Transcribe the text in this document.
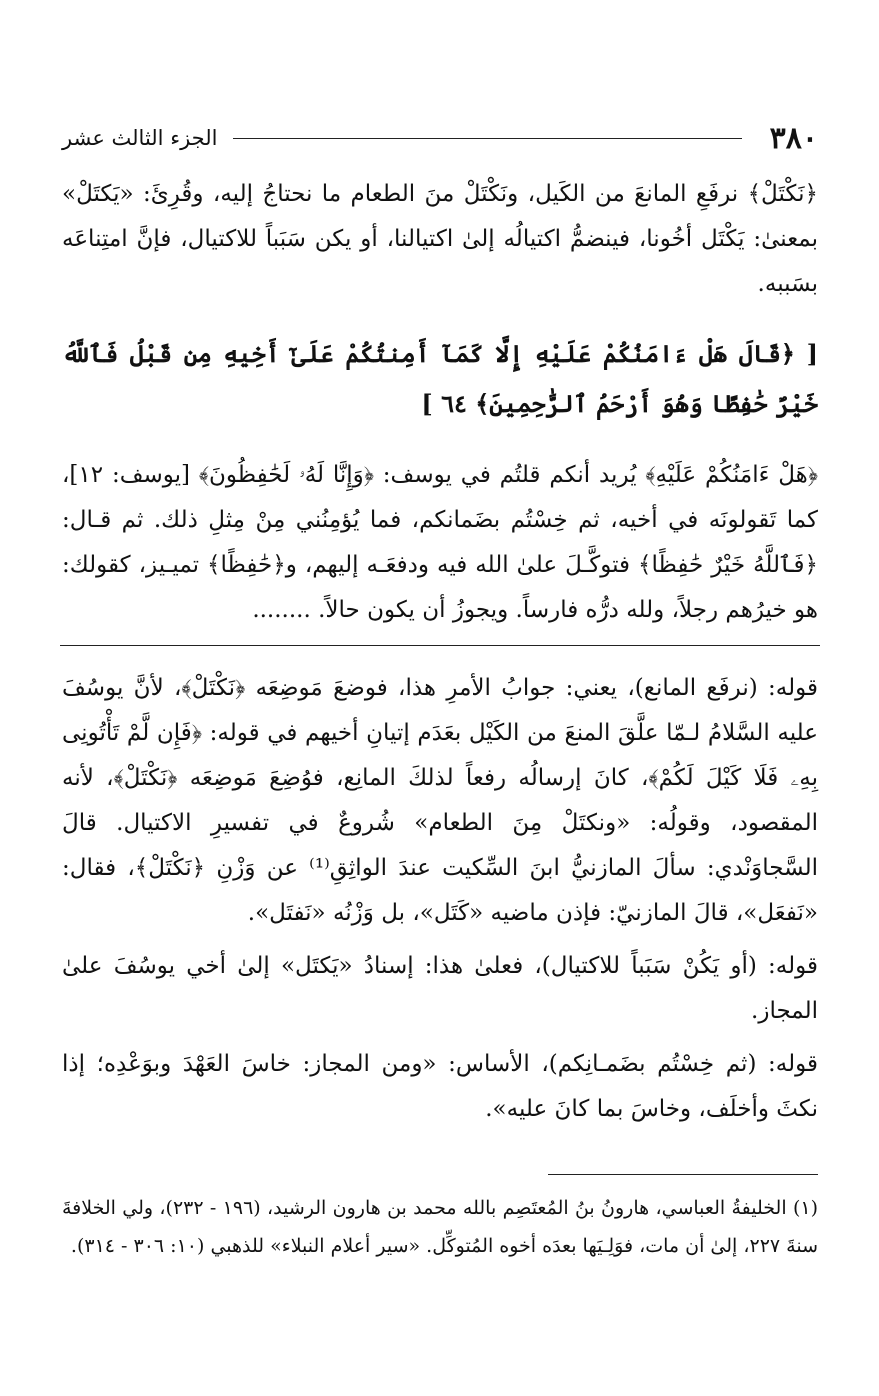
٣٨٠
الجزء الثالث عشر

﴿نَكْتَلْ﴾ نرفَعِ المانعَ من الكَيل، ونَكْتَلْ منَ الطعام ما نحتاجُ إليه، وقُرِئَ: «يَكتَلْ» بمعنىٰ: يَكْتَل أخُونا، فينضمُّ اكتيالُه إلىٰ اكتيالنا، أو يكن سَبَباً للاكتيال، فإنَّ امتِناعَه بسَببه.

[ ﴿قَالَ هَلْ ءَامَنُكُمْ عَلَيْهِ إِلَّا كَمَآ أَمِنتُكُمْ عَلَىٰٓ أَخِيهِ مِن قَبْلُ فَٱللَّهُ خَيْرٌ حَٰفِظًا وَهُوَ أَرْحَمُ ٱلرَّٰحِمِينَ﴾ ٦٤ ]

﴿هَلْ ءَامَنُكُمْ عَلَيْهِ﴾ يُريد أنكم قلتُم في يوسف: ﴿وَإِنَّا لَهُۥ لَحَٰفِظُونَ﴾ [يوسف: ١٢]، كما تَقولونَه في أخيه، ثم خِسْتُم بضَمانكم، فما يُؤمِنُني مِنْ مِثلِ ذلك. ثم قـال: ﴿فَٱللَّهُ خَيْرٌ حَٰفِظًا﴾ فتوكَّـلَ علىٰ الله فيه ودفعَـه إليهم، و﴿حَٰفِظًا﴾ تميـيز، كقولك: هو خيرُهم رجلاً، ولله درُّه فارساً. ويجوزُ أن يكون حالاً. ........

قوله: (نرفَع المانع)، يعني: جوابُ الأمرِ هذا، فوضعَ مَوضِعَه ﴿نَكْتَلْ﴾، لأنَّ يوسُفَ عليه السَّلامُ لـمّا علَّقَ المنعَ من الكَيْل بعَدَم إتيانِ أخيهم في قوله: ﴿فَإِن لَّمْ تَأْتُونِى بِهِۦ فَلَا كَيْلَ لَكُمْ﴾، كانَ إرسالُه رفعاً لذلكَ المانِع، فوُضِعَ مَوضِعَه ﴿نَكْتَلْ﴾، لأنه المقصود، وقولُه: «ونكتَلْ مِنَ الطعام» شُروعٌ في تفسيرِ الاكتيال. قالَ السَّجاوَنْدي: سألَ المازنيُّ ابنَ السِّكيت عندَ الواثِقِ⁽¹⁾ عن وَزْنِ ﴿نَكْتَلْ﴾، فقال: «نَفعَل»، قالَ المازنيّ: فإذن ماضيه «كَتَل»، بل وَزْنُه «نَفتَل».

قوله: (أو يَكُنْ سَبَباً للاكتيال)، فعلىٰ هذا: إسنادُ «يَكتَل» إلىٰ أخي يوسُفَ علىٰ المجاز.

قوله: (ثم خِسْتُم بضَمـانِكم)، الأساس: «ومن المجاز: خاسَ العَهْدَ وبوَعْدِه؛ إذا نكثَ وأخلَف، وخاسَ بما كانَ عليه».

(١) الخليفةُ العباسي، هارونُ بنُ المُعتَصِم بالله محمد بن هارون الرشيد، (١٩٦ - ٢٣٢)، ولي الخلافةَ سنةَ ٢٢٧، إلىٰ أن مات، فوَلِـيَها بعدَه أخوه المُتوكِّل. «سير أعلام النبلاء» للذهبي (١٠: ٣٠٦ - ٣١٤).
